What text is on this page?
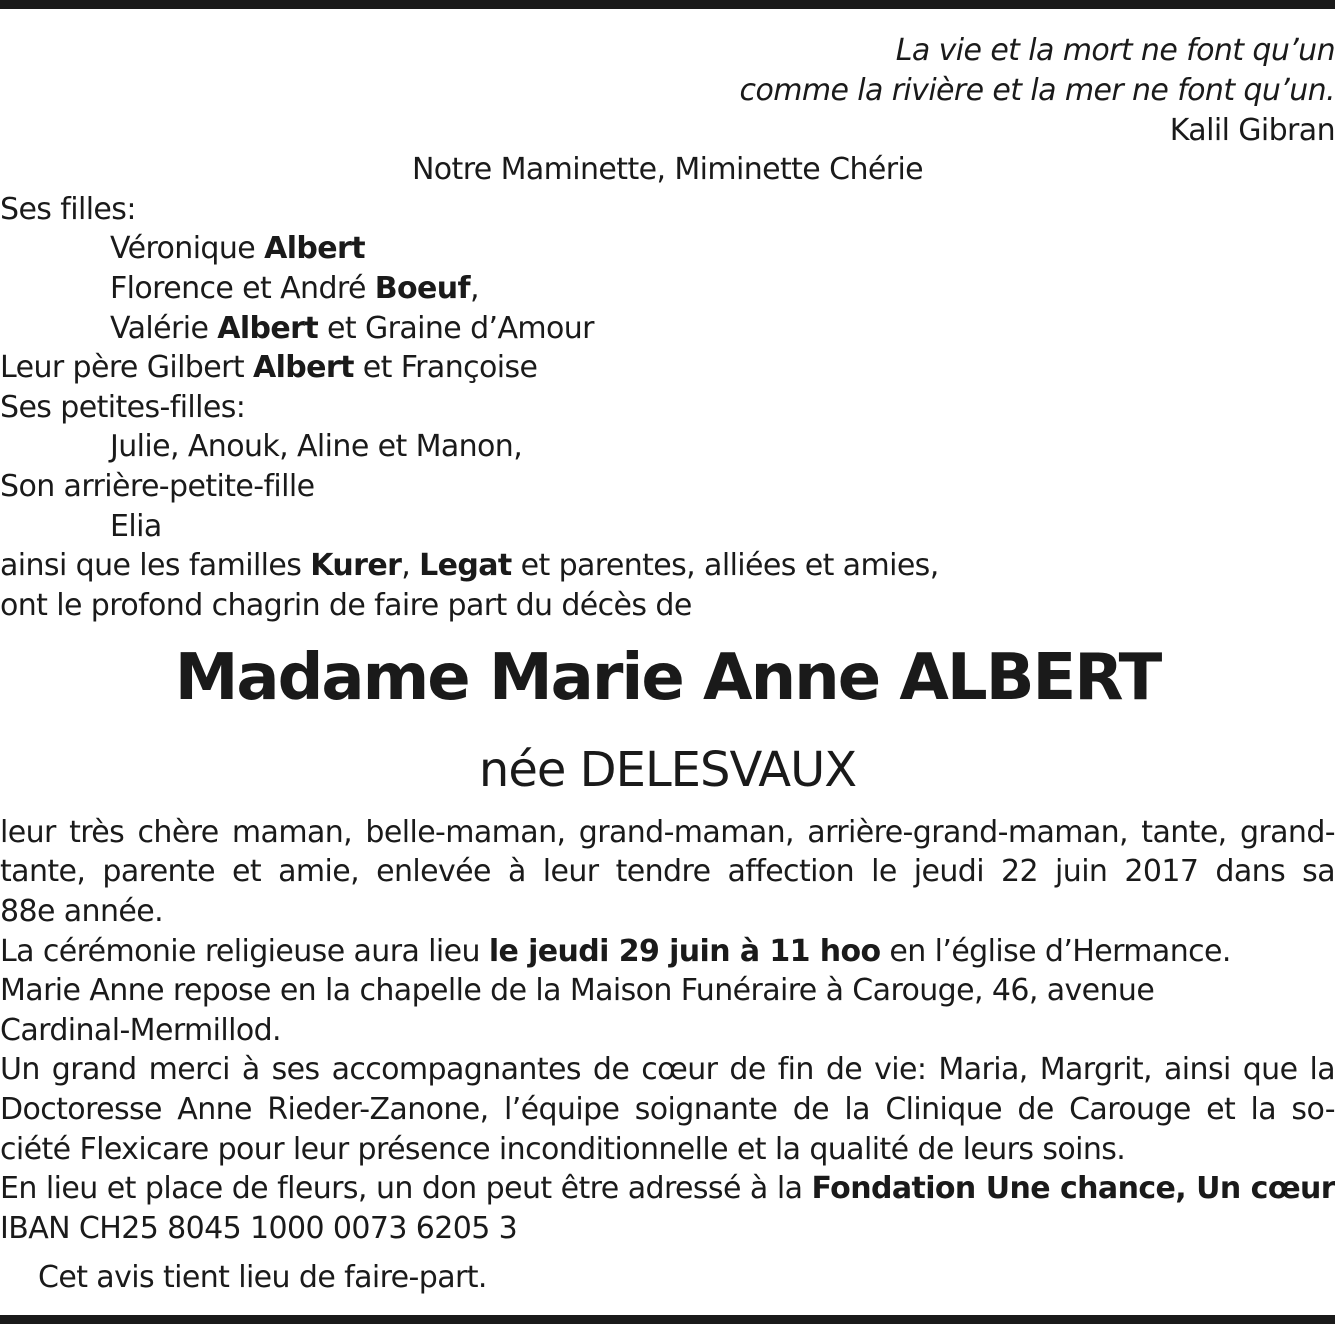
La vie et la mort ne font qu’un
comme la rivière et la mer ne font qu’un.
Kalil Gibran
Notre Maminette, Miminette Chérie
Ses filles:
Véronique Albert
Florence et André Boeuf,
Valérie Albert et Graine d’Amour
Leur père Gilbert Albert et Françoise
Ses petites-filles:
Julie, Anouk, Aline et Manon,
Son arrière-petite-fille
Elia
ainsi que les familles Kurer, Legat et parentes, alliées et amies,
ont le profond chagrin de faire part du décès de
Madame Marie Anne ALBERT
née DELESVAUX
leur très chère maman, belle-maman, grand-maman, arrière-grand-maman, tante, grand-
tante, parente et amie, enlevée à leur tendre affection le jeudi 22 juin 2017 dans sa
88e année.
La cérémonie religieuse aura lieu le jeudi 29 juin à 11 hoo en l’église d’Hermance.
Marie Anne repose en la chapelle de la Maison Funéraire à Carouge, 46, avenue
Cardinal-Mermillod.
Un grand merci à ses accompagnantes de cœur de fin de vie: Maria, Margrit, ainsi que la
Doctoresse Anne Rieder-Zanone, l’équipe soignante de la Clinique de Carouge et la so-
ciété Flexicare pour leur présence inconditionnelle et la qualité de leurs soins.
En lieu et place de fleurs, un don peut être adressé à la Fondation Une chance, Un cœur
IBAN CH25 8045 1000 0073 6205 3
Cet avis tient lieu de faire-part.
